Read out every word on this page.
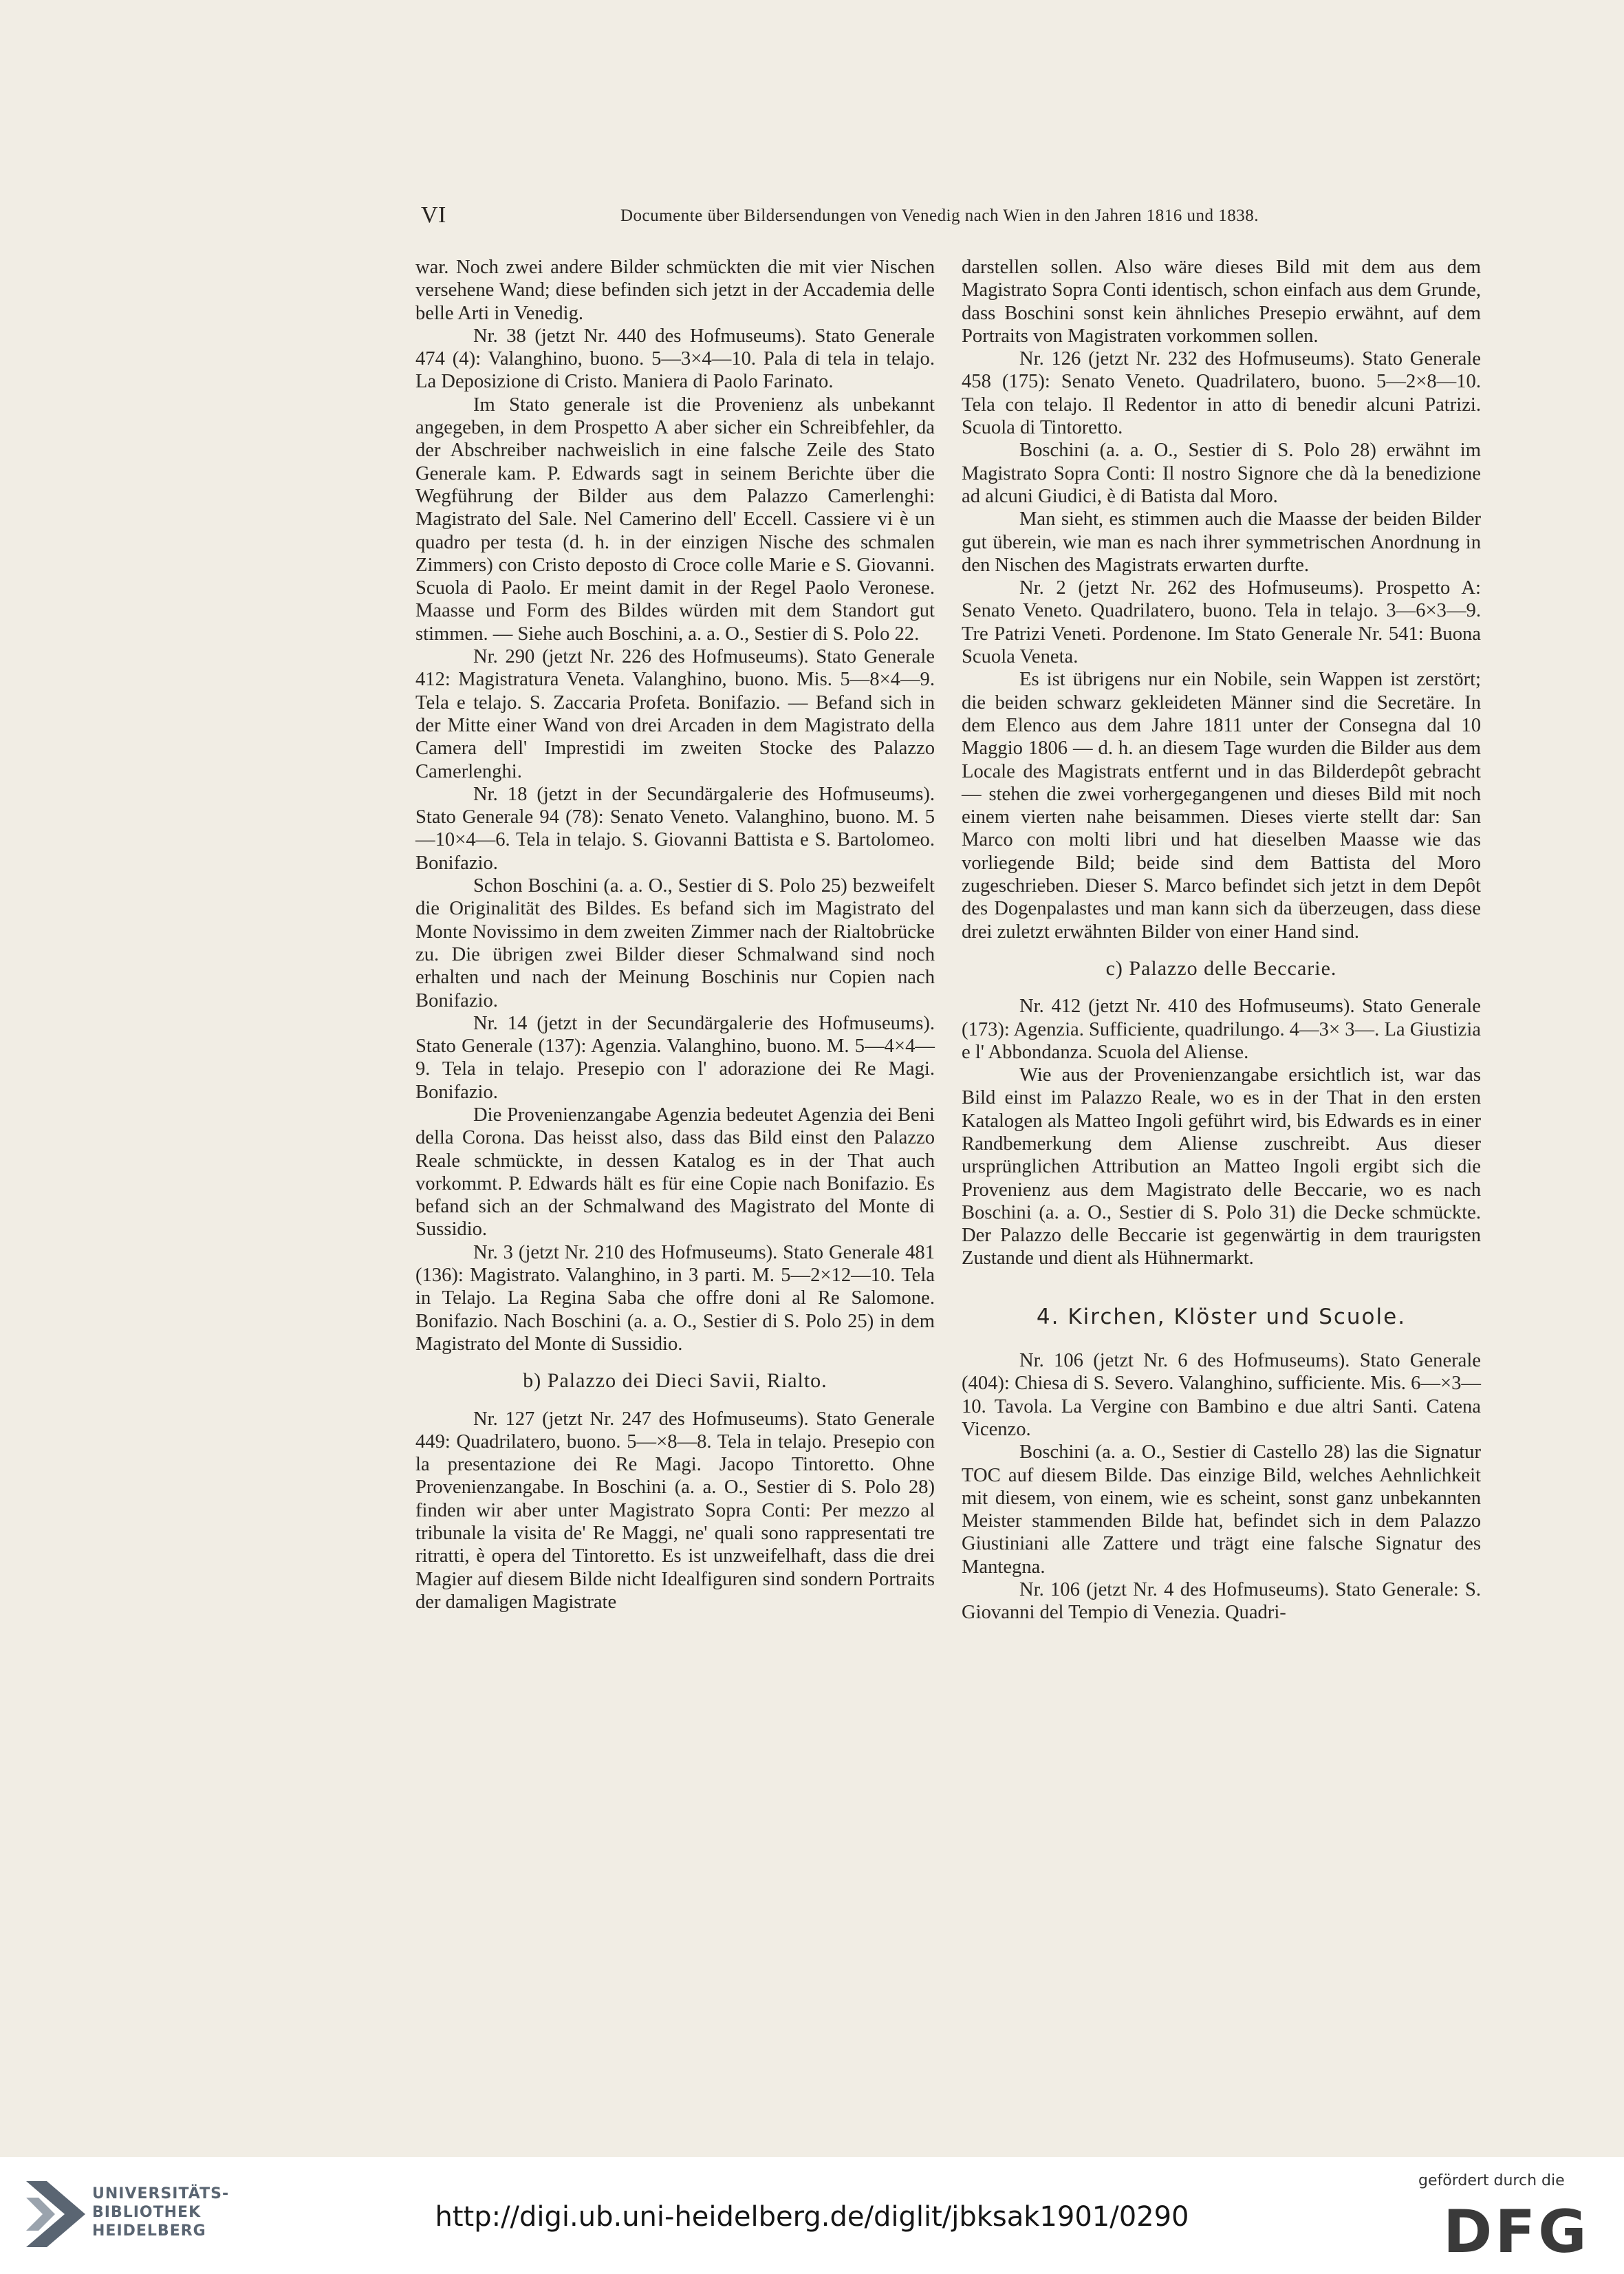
VI	Documente über Bildersendungen von Venedig nach Wien in den Jahren 1816 und 1838.

war. Noch zwei andere Bilder schmückten die mit vier Nischen versehene Wand; diese befinden sich jetzt in der Accademia delle belle Arti in Venedig.

Nr. 38 (jetzt Nr. 440 des Hofmuseums). Stato Generale 474 (4): Valanghino, buono. 5—3×4—10. Pala di tela in telajo. La Deposizione di Cristo. Maniera di Paolo Farinato.

Im Stato generale ist die Provenienz als unbekannt angegeben, in dem Prospetto A aber sicher ein Schreibfehler, da der Abschreiber nachweislich in eine falsche Zeile des Stato Generale kam. P. Edwards sagt in seinem Berichte über die Wegführung der Bilder aus dem Palazzo Camerlenghi: Magistrato del Sale. Nel Camerino dell' Eccell. Cassiere vi è un quadro per testa (d. h. in der einzigen Nische des schmalen Zimmers) con Cristo deposto di Croce colle Marie e S. Giovanni. Scuola di Paolo. Er meint damit in der Regel Paolo Veronese. Maasse und Form des Bildes würden mit dem Standort gut stimmen. — Siehe auch Boschini, a. a. O., Sestier di S. Polo 22.

Nr. 290 (jetzt Nr. 226 des Hofmuseums). Stato Generale 412: Magistratura Veneta. Valanghino, buono. Mis. 5—8×4—9. Tela e telajo. S. Zaccaria Profeta. Bonifazio. — Befand sich in der Mitte einer Wand von drei Arcaden in dem Magistrato della Camera dell' Imprestidi im zweiten Stocke des Palazzo Camerlenghi.

Nr. 18 (jetzt in der Secundärgalerie des Hofmuseums). Stato Generale 94 (78): Senato Veneto. Valanghino, buono. M. 5—10×4—6. Tela in telajo. S. Giovanni Battista e S. Bartolomeo. Bonifazio.

Schon Boschini (a. a. O., Sestier di S. Polo 25) bezweifelt die Originalität des Bildes. Es befand sich im Magistrato del Monte Novissimo in dem zweiten Zimmer nach der Rialtobrücke zu. Die übrigen zwei Bilder dieser Schmalwand sind noch erhalten und nach der Meinung Boschinis nur Copien nach Bonifazio.

Nr. 14 (jetzt in der Secundärgalerie des Hofmuseums). Stato Generale (137): Agenzia. Valanghino, buono. M. 5—4×4—9. Tela in telajo. Presepio con l' adorazione dei Re Magi. Bonifazio.

Die Provenienzangabe Agenzia bedeutet Agenzia dei Beni della Corona. Das heisst also, dass das Bild einst den Palazzo Reale schmückte, in dessen Katalog es in der That auch vorkommt. P. Edwards hält es für eine Copie nach Bonifazio. Es befand sich an der Schmalwand des Magistrato del Monte di Sussidio.

Nr. 3 (jetzt Nr. 210 des Hofmuseums). Stato Generale 481 (136): Magistrato. Valanghino, in 3 parti. M. 5—2×12—10. Tela in Telajo. La Regina Saba che offre doni al Re Salomone. Bonifazio. Nach Boschini (a. a. O., Sestier di S. Polo 25) in dem Magistrato del Monte di Sussidio.

b) Palazzo dei Dieci Savii, Rialto.

Nr. 127 (jetzt Nr. 247 des Hofmuseums). Stato Generale 449: Quadrilatero, buono. 5—×8—8. Tela in telajo. Presepio con la presentazione dei Re Magi. Jacopo Tintoretto. Ohne Provenienzangabe. In Boschini (a. a. O., Sestier di S. Polo 28) finden wir aber unter Magistrato Sopra Conti: Per mezzo al tribunale la visita de' Re Maggi, ne' quali sono rappresentati tre ritratti, è opera del Tintoretto. Es ist unzweifelhaft, dass die drei Magier auf diesem Bilde nicht Idealfiguren sind sondern Portraits der damaligen Magistrate

darstellen sollen. Also wäre dieses Bild mit dem aus dem Magistrato Sopra Conti identisch, schon einfach aus dem Grunde, dass Boschini sonst kein ähnliches Presepio erwähnt, auf dem Portraits von Magistraten vorkommen sollen.

Nr. 126 (jetzt Nr. 232 des Hofmuseums). Stato Generale 458 (175): Senato Veneto. Quadrilatero, buono. 5—2×8—10. Tela con telajo. Il Redentor in atto di benedir alcuni Patrizi. Scuola di Tintoretto.

Boschini (a. a. O., Sestier di S. Polo 28) erwähnt im Magistrato Sopra Conti: Il nostro Signore che dà la benedizione ad alcuni Giudici, è di Batista dal Moro.

Man sieht, es stimmen auch die Maasse der beiden Bilder gut überein, wie man es nach ihrer symmetrischen Anordnung in den Nischen des Magistrats erwarten durfte.

Nr. 2 (jetzt Nr. 262 des Hofmuseums). Prospetto A: Senato Veneto. Quadrilatero, buono. Tela in telajo. 3—6×3—9. Tre Patrizi Veneti. Pordenone. Im Stato Generale Nr. 541: Buona Scuola Veneta.

Es ist übrigens nur ein Nobile, sein Wappen ist zerstört; die beiden schwarz gekleideten Männer sind die Secretäre. In dem Elenco aus dem Jahre 1811 unter der Consegna dal 10 Maggio 1806 — d. h. an diesem Tage wurden die Bilder aus dem Locale des Magistrats entfernt und in das Bilderdepôt gebracht — stehen die zwei vorhergegangenen und dieses Bild mit noch einem vierten nahe beisammen. Dieses vierte stellt dar: San Marco con molti libri und hat dieselben Maasse wie das vorliegende Bild; beide sind dem Battista del Moro zugeschrieben. Dieser S. Marco befindet sich jetzt in dem Depôt des Dogenpalastes und man kann sich da überzeugen, dass diese drei zuletzt erwähnten Bilder von einer Hand sind.

c) Palazzo delle Beccarie.

Nr. 412 (jetzt Nr. 410 des Hofmuseums). Stato Generale (173): Agenzia. Sufficiente, quadrilungo. 4—3× 3—. La Giustizia e l' Abbondanza. Scuola del Aliense.

Wie aus der Provenienzangabe ersichtlich ist, war das Bild einst im Palazzo Reale, wo es in der That in den ersten Katalogen als Matteo Ingoli geführt wird, bis Edwards es in einer Randbemerkung dem Aliense zuschreibt. Aus dieser ursprünglichen Attribution an Matteo Ingoli ergibt sich die Provenienz aus dem Magistrato delle Beccarie, wo es nach Boschini (a. a. O., Sestier di S. Polo 31) die Decke schmückte. Der Palazzo delle Beccarie ist gegenwärtig in dem traurigsten Zustande und dient als Hühnermarkt.

4. Kirchen, Klöster und Scuole.

Nr. 106 (jetzt Nr. 6 des Hofmuseums). Stato Generale (404): Chiesa di S. Severo. Valanghino, sufficiente. Mis. 6—×3—10. Tavola. La Vergine con Bambino e due altri Santi. Catena Vicenzo.

Boschini (a. a. O., Sestier di Castello 28) las die Signatur TOC auf diesem Bilde. Das einzige Bild, welches Aehnlichkeit mit diesem, von einem, wie es scheint, sonst ganz unbekannten Meister stammenden Bilde hat, befindet sich in dem Palazzo Giustiniani alle Zattere und trägt eine falsche Signatur des Mantegna.

Nr. 106 (jetzt Nr. 4 des Hofmuseums). Stato Generale: S. Giovanni del Tempio di Venezia. Quadri-

UNIVERSITÄTS-
BIBLIOTHEK
HEIDELBERG	http://digi.ub.uni-heidelberg.de/diglit/jbksak1901/0290
gefördert durch die
DFG
